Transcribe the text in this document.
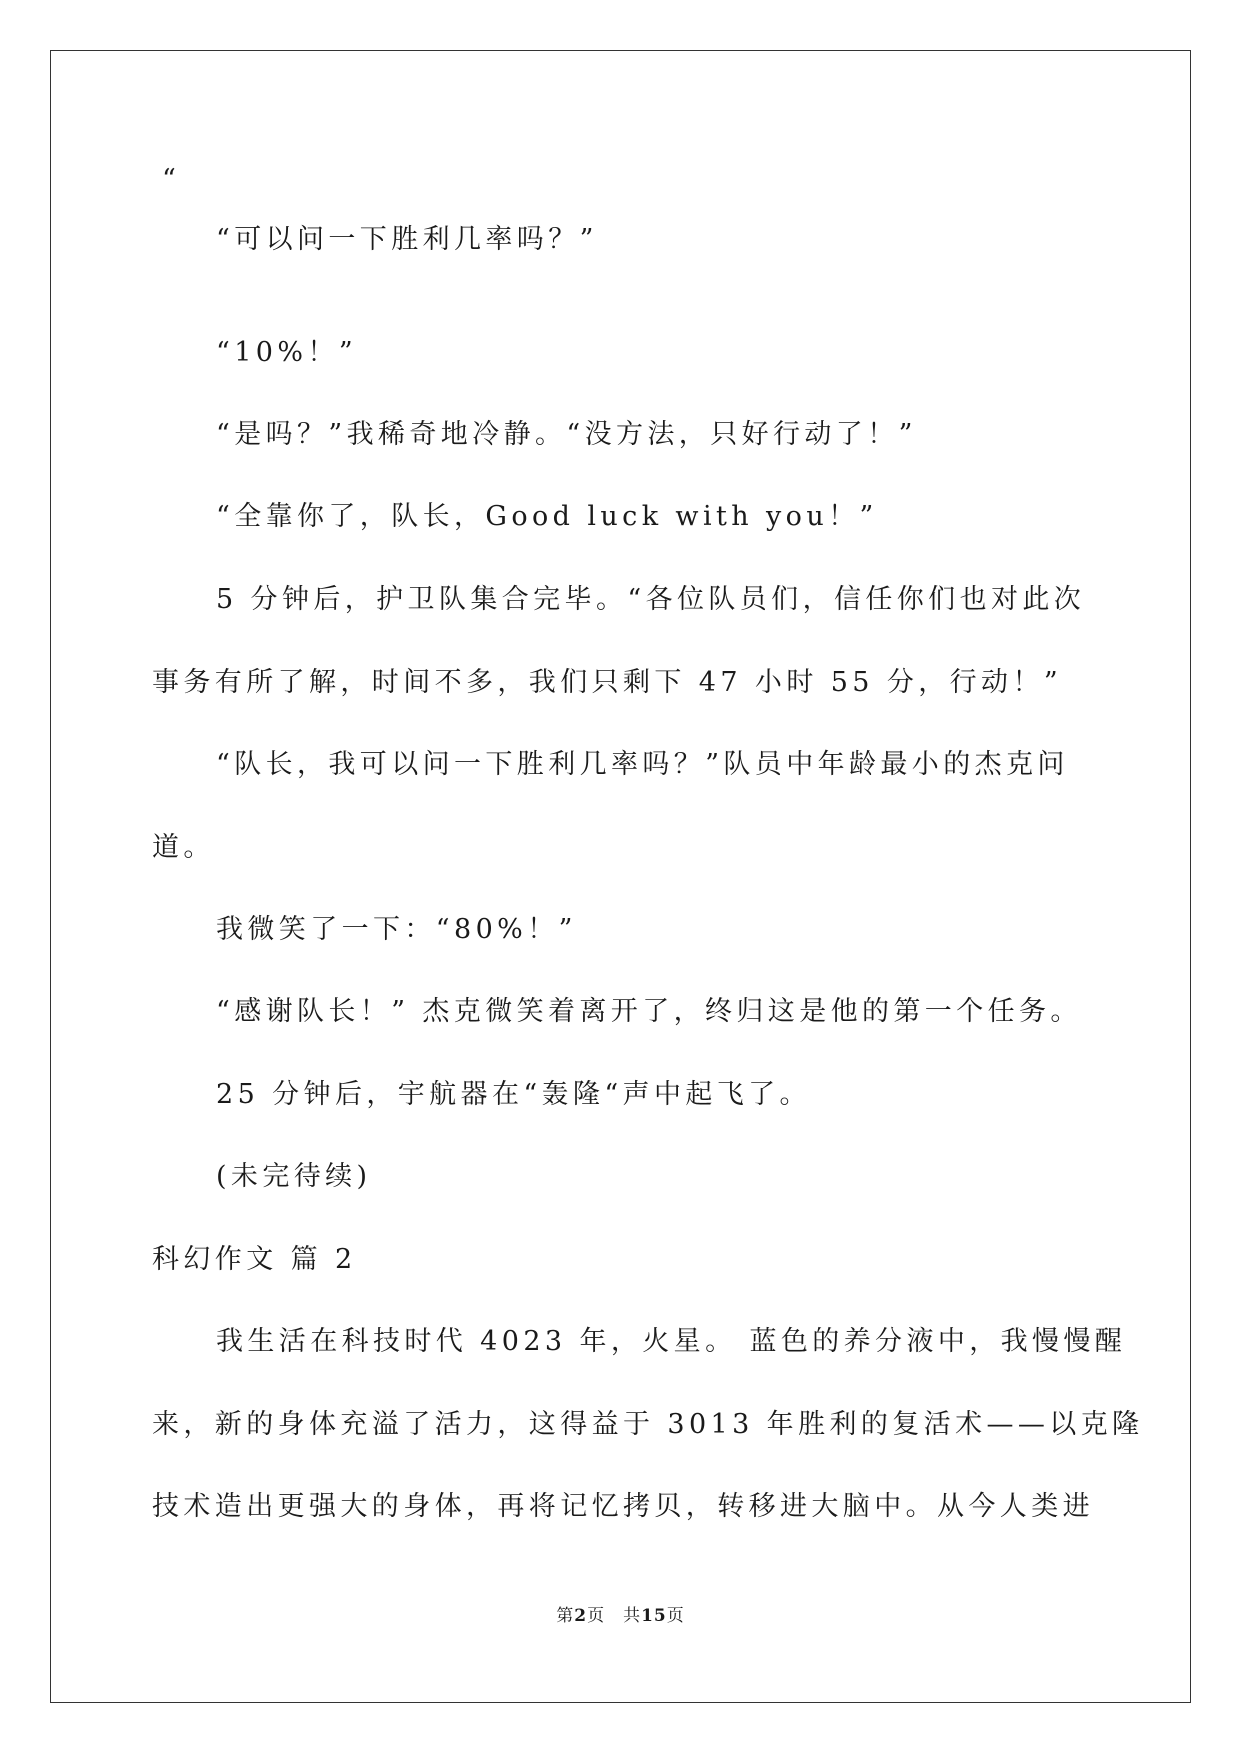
“
“可以问一下胜利几率吗？”
“10%！”
“是吗？”我稀奇地冷静。“没方法，只好行动了！”
“全靠你了，队长，Good luck with you！”
5 分钟后，护卫队集合完毕。“各位队员们，信任你们也对此次
事务有所了解，时间不多，我们只剩下 47 小时 55 分，行动！”
“队长，我可以问一下胜利几率吗？”队员中年龄最小的杰克问
道。
我微笑了一下：“80%！”
“感谢队长！” 杰克微笑着离开了，终归这是他的第一个任务。
25 分钟后，宇航器在“轰隆“声中起飞了。
(未完待续)
科幻作文 篇 2
我生活在科技时代 4023 年，火星。 蓝色的养分液中，我慢慢醒
来，新的身体充溢了活力，这得益于 3013 年胜利的复活术——以克隆
技术造出更强大的身体，再将记忆拷贝，转移进大脑中。从今人类进
第2页 共15页
